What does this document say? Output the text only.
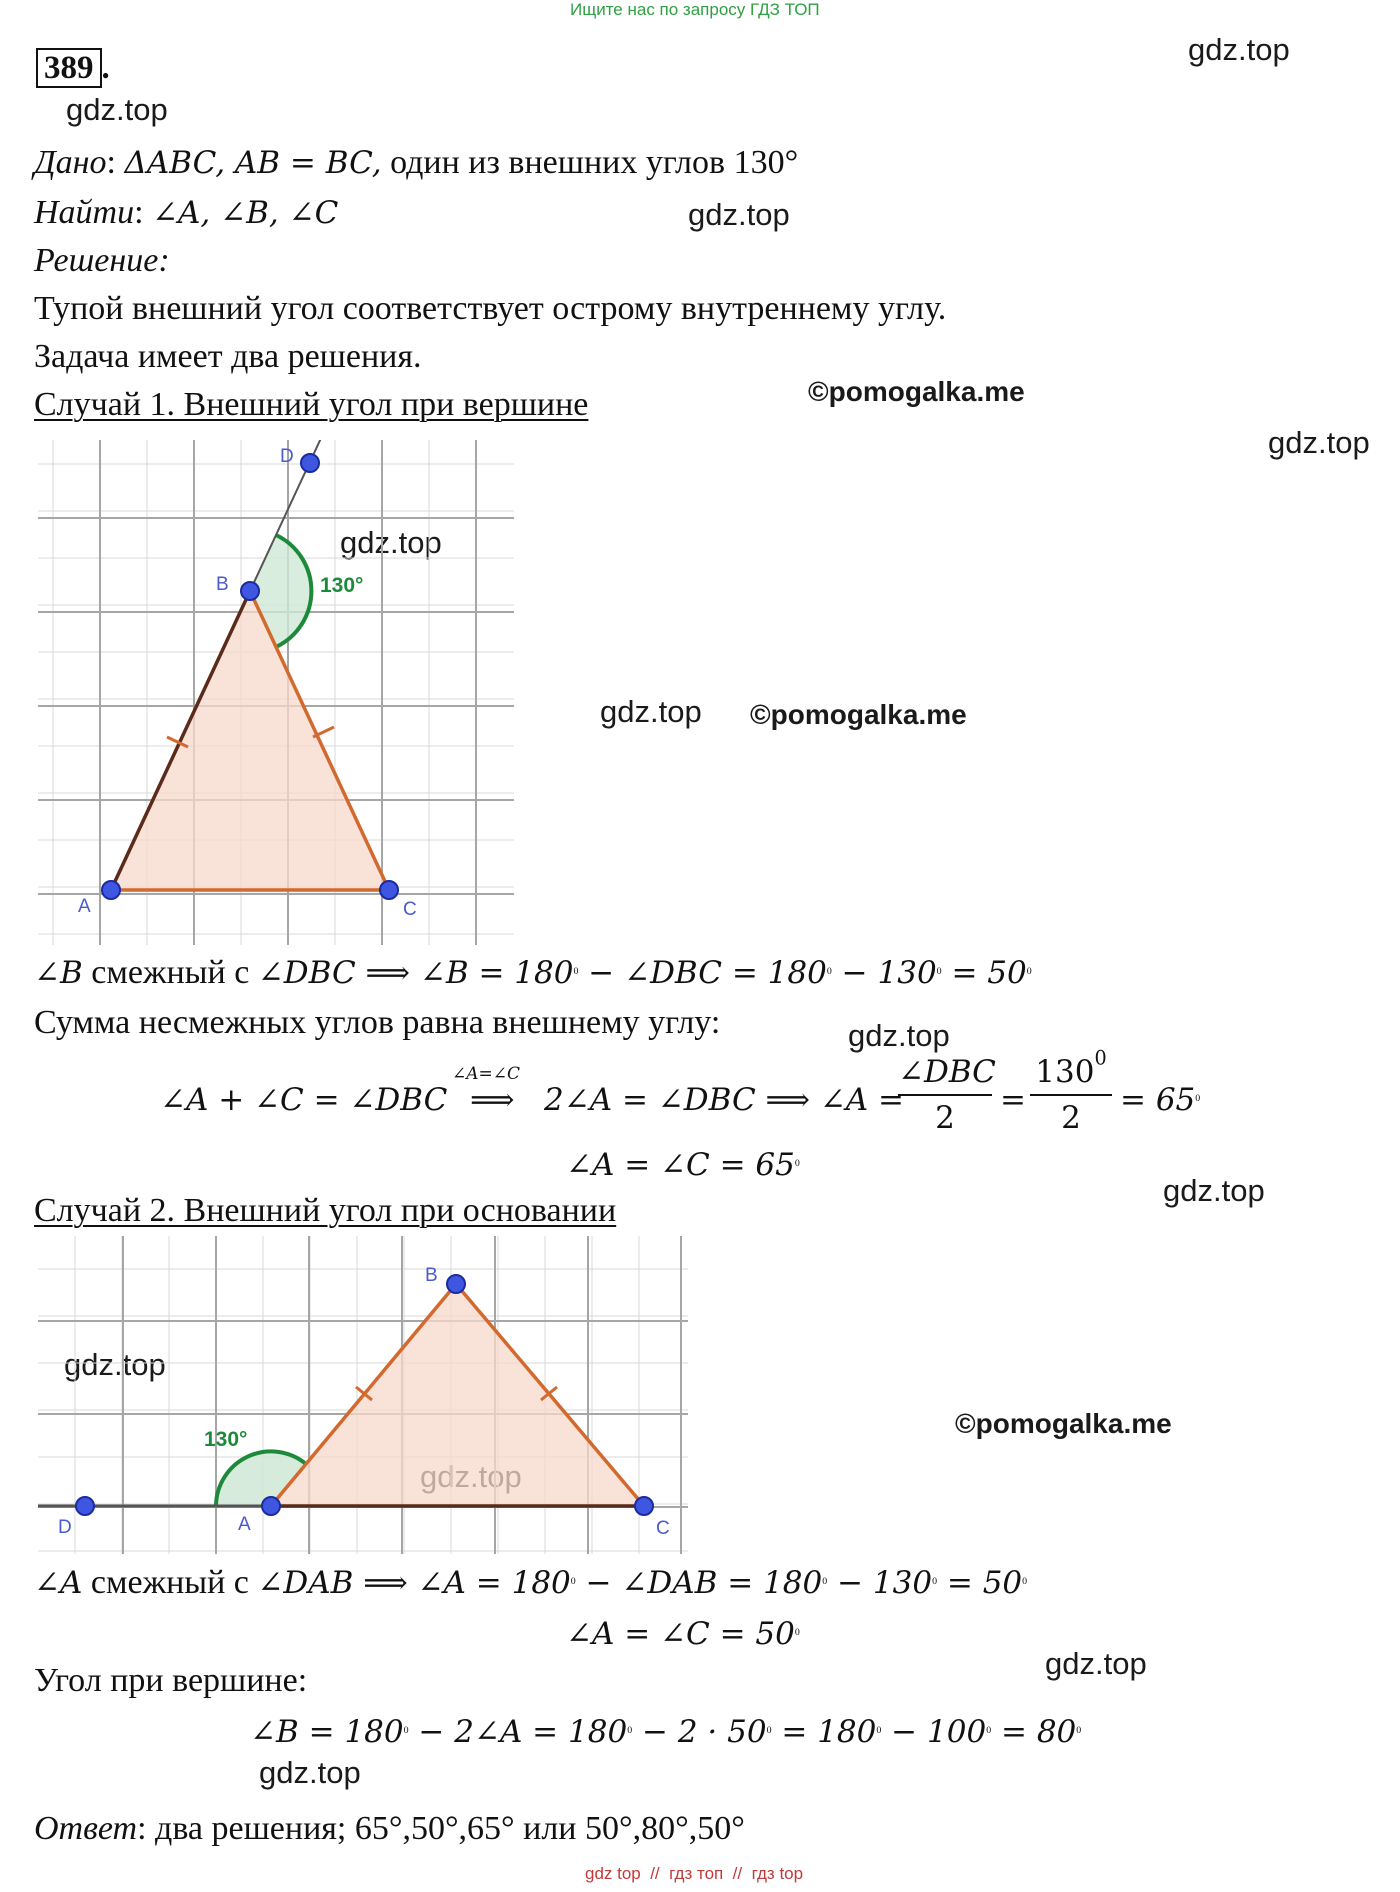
Ищите нас по запросу ГДЗ ТОП
389 .
gdz.top
gdz.top
gdz.top
©pomogalka.me
gdz.top
gdz.top
gdz.top ©pomogalka.me
gdz.top
gdz.top
gdz.top
©pomogalka.me
gdz.top
gdz.top
Дано: ΔABC, AB = BC, один из внешних углов 130°
Найти: ∠A, ∠B, ∠C
Решение:
Тупой внешний угол соответствует острому внутреннему углу.
Задача имеет два решения.
Случай 1. Внешний угол при вершине
A
B
C
D
130°
∠B смежный с ∠DBC ⟹ ∠B = $180^0$ − ∠DBC = $180^0 - 130^0 = 50^0$
Сумма несмежных углов равна внешнему углу:
∠A + ∠C = ∠DBC
∠A=∠C
⟹ 2∠A = ∠DBC ⟹ ∠A =
∠DBC
2	=
$130^0$
2	= $65^0$
∠A = ∠C = $65^0$
Случай 2. Внешний угол при основании
A
B
C
D
130°
∠A смежный с ∠DAB ⟹ ∠A = $180^0$ − ∠DAB = $180^0 - 130^0 = 50^0$
∠A = ∠C = $50^0$
Угол при вершине:
∠B = $180^0$ − 2∠A = $180^0 - 2 \cdot 50^0 = 180^0 - 100^0 = 80^0$
Ответ: два решения; 65°,50°,65° или 50°,80°,50°
gdz top  //  гдз топ  //  гдз top
